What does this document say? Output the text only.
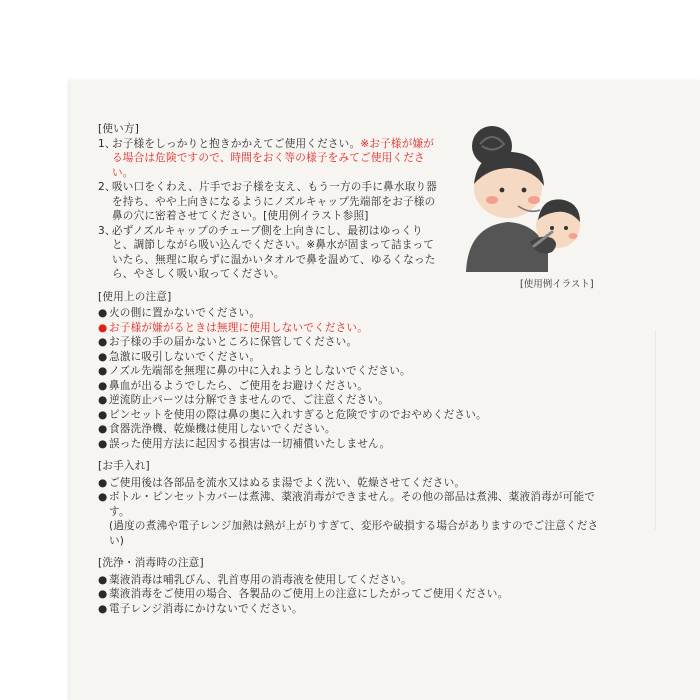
[使い方]

1、
お子様をしっかりと抱きかかえてご使用ください。※お子様が嫌がる場合は危険ですので、時間をおく等の様子をみてご使用ください。
2、
吸い口をくわえ、片手でお子様を支え、もう一方の手に鼻水取り器を持ち、やや上向きになるようにノズルキャップ先端部をお子様の鼻の穴に密着させてください。[使用例イラスト参照]
3、
必ずノズルキャップのチューブ側を上向きにし、最初はゆっくりと、調節しながら吸い込んでください。※鼻水が固まって詰まっていたら、無理に取らずに温かいタオルで鼻を温めて、ゆるくなったら、やさしく吸い取ってください。

[使用上の注意]

● 火の側に置かないでください。
● お子様が嫌がるときは無理に使用しないでください。
● お子様の手の届かないところに保管してください。
● 急激に吸引しないでください。
● ノズル先端部を無理に鼻の中に入れようとしないでください。
● 鼻血が出るようでしたら、ご使用をお避けください。
● 逆流防止パーツは分解できませんので、ご注意ください。
● ピンセットを使用の際は鼻の奥に入れすぎると危険ですのでおやめください。
● 食器洗浄機、乾燥機は使用しないでください。
● 誤った使用方法に起因する損害は一切補償いたしません。

[お手入れ]

● ご使用後は各部品を流水又はぬるま湯でよく洗い、乾燥させてください。
● ボトル・ピンセットカバーは煮沸、薬液消毒ができません。その他の部品は煮沸、薬液消毒が可能です。
(過度の煮沸や電子レンジ加熱は熱が上がりすぎて、変形や破損する場合がありますのでご注意ください)

[洗浄・消毒時の注意]

● 薬液消毒は哺乳びん、乳首専用の消毒液を使用してください。
● 薬液消毒をご使用の場合、各製品のご使用上の注意にしたがってご使用ください。
● 電子レンジ消毒にかけないでください。
[使用例イラスト]
